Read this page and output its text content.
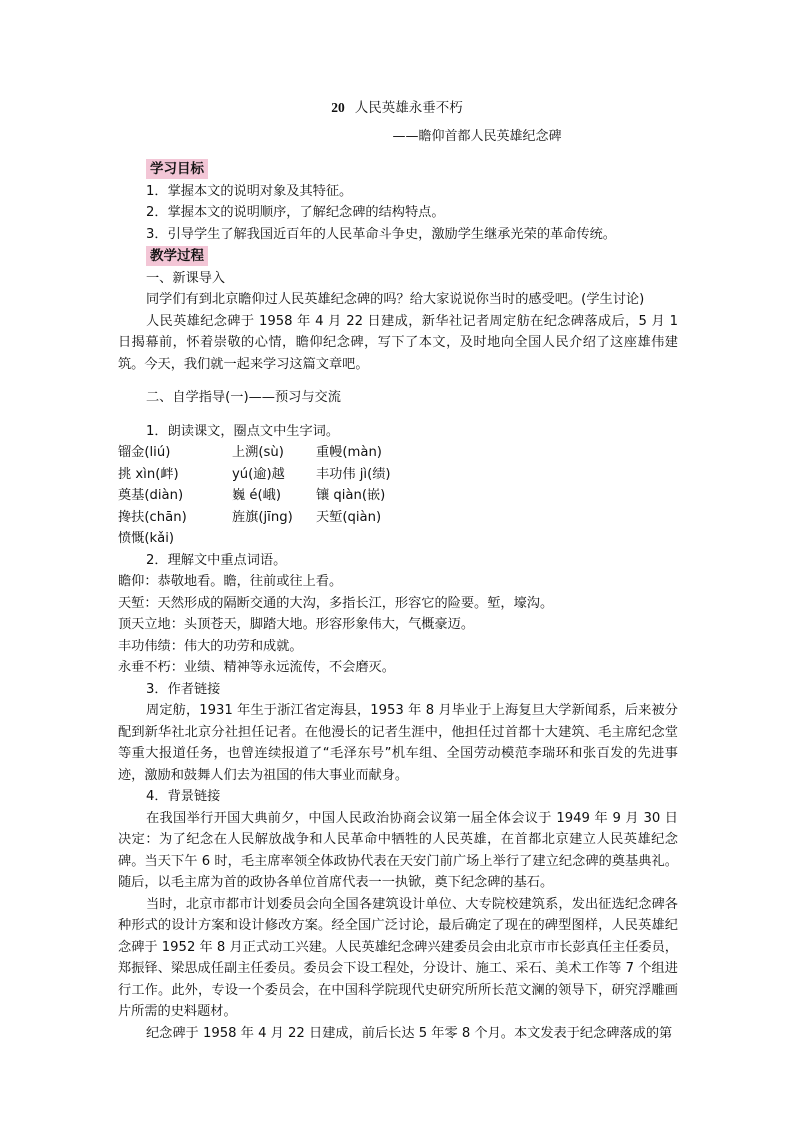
20 人民英雄永垂不朽
——瞻仰首都人民英雄纪念碑
学习目标

1．掌握本文的说明对象及其特征。

2．掌握本文的说明顺序，了解纪念碑的结构特点。

3．引导学生了解我国近百年的人民革命斗争史，激励学生继承光荣的革命传统。

教学过程

一、新课导入

同学们有到北京瞻仰过人民英雄纪念碑的吗？给大家说说你当时的感受吧。(学生讨论)

人民英雄纪念碑于 1958 年 4 月 22 日建成，新华社记者周定舫在纪念碑落成后，5 月 1 日揭幕前，怀着崇敬的心情，瞻仰纪念碑，写下了本文，及时地向全国人民介绍了这座雄伟建筑。今天，我们就一起来学习这篇文章吧。

二、自学指导(一)——预习与交流

1．朗读课文，圈点文中生字词。

镏金(liú)	上溯(sù)	重幔(màn)
挑 xìn(衅)	yú(逾)越	丰功伟 jì(绩)
奠基(diàn)	巍 é(峨)	镶 qiàn(嵌)
搀扶(chān)	旌旗(jīng)	天堑(qiàn)
愤慨(kǎi)

2．理解文中重点词语。

瞻仰：恭敬地看。瞻，往前或往上看。

天堑：天然形成的隔断交通的大沟，多指长江，形容它的险要。堑，壕沟。

顶天立地：头顶苍天，脚踏大地。形容形象伟大，气概豪迈。

丰功伟绩：伟大的功劳和成就。

永垂不朽：业绩、精神等永远流传，不会磨灭。

3．作者链接

周定舫，1931 年生于浙江省定海县，1953 年 8 月毕业于上海复旦大学新闻系，后来被分配到新华社北京分社担任记者。在他漫长的记者生涯中，他担任过首都十大建筑、毛主席纪念堂等重大报道任务，也曾连续报道了“毛泽东号”机车组、全国劳动模范李瑞环和张百发的先进事迹，激励和鼓舞人们去为祖国的伟大事业而献身。

4．背景链接

在我国举行开国大典前夕，中国人民政治协商会议第一届全体会议于 1949 年 9 月 30 日决定：为了纪念在人民解放战争和人民革命中牺牲的人民英雄，在首都北京建立人民英雄纪念碑。当天下午 6 时，毛主席率领全体政协代表在天安门前广场上举行了建立纪念碑的奠基典礼。随后，以毛主席为首的政协各单位首席代表一一执锨，奠下纪念碑的基石。

当时，北京市都市计划委员会向全国各建筑设计单位、大专院校建筑系，发出征选纪念碑各种形式的设计方案和设计修改方案。经全国广泛讨论，最后确定了现在的碑型图样，人民英雄纪念碑于 1952 年 8 月正式动工兴建。人民英雄纪念碑兴建委员会由北京市市长彭真任主任委员，郑振铎、梁思成任副主任委员。委员会下设工程处，分设计、施工、采石、美术工作等 7 个组进行工作。此外，专设一个委员会，在中国科学院现代史研究所所长范文澜的领导下，研究浮雕画片所需的史料题材。

纪念碑于 1958 年 4 月 22 日建成，前后长达 5 年零 8 个月。本文发表于纪念碑落成的第
